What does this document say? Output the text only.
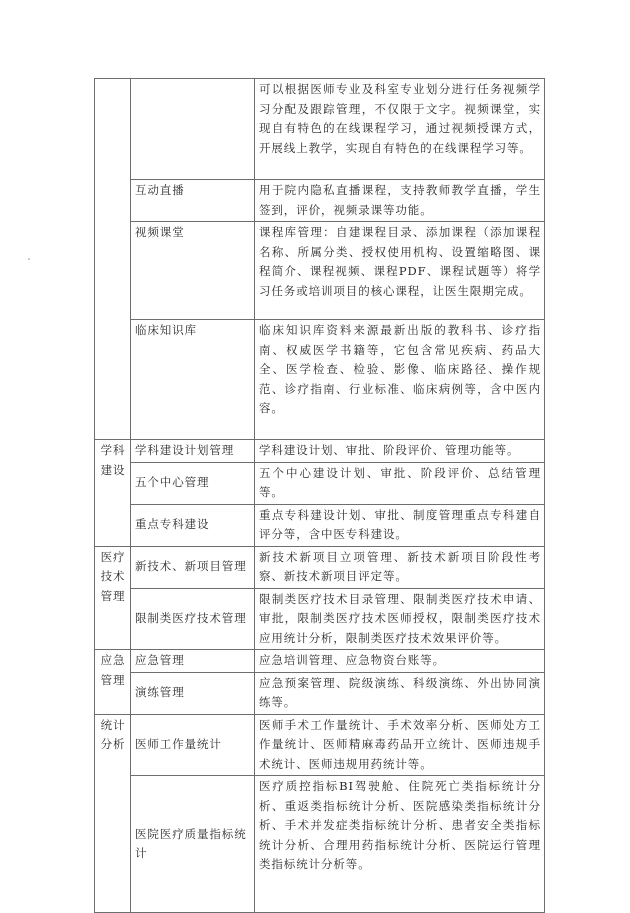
		可以根据医师专业及科室专业划分进行任务视频学习分配及跟踪管理，不仅限于文字。视频课堂，实现自有特色的在线课程学习，通过视频授课方式，开展线上教学，实现自有特色的在线课程学习等。
	互动直播	用于院内隐私直播课程，支持教师教学直播，学生签到，评价，视频录课等功能。
	视频课堂	课程库管理：自建课程目录、添加课程（添加课程名称、所属分类、授权使用机构、设置缩略图、课程简介、课程视频、课程PDF、课程试题等）将学习任务或培训项目的核心课程，让医生限期完成。
	临床知识库	临床知识库资料来源最新出版的教科书、诊疗指南、权威医学书籍等，它包含常见疾病、药品大全、医学检查、检验、影像、临床路径、操作规范、诊疗指南、行业标准、临床病例等，含中医内容。
学科建设	学科建设计划管理	学科建设计划、审批、阶段评价、管理功能等。
	五个中心管理	五个中心建设计划、审批、阶段评价、总结管理等。
	重点专科建设	重点专科建设计划、审批、制度管理重点专科建自评分等，含中医专科建设。
医疗技术管理	新技术、新项目管理	新技术新项目立项管理、新技术新项目阶段性考察、新技术新项目评定等。
	限制类医疗技术管理	限制类医疗技术目录管理、限制类医疗技术申请、审批，限制类医疗技术医师授权，限制类医疗技术应用统计分析，限制类医疗技术效果评价等。
应急管理	应急管理	应急培训管理、应急物资台账等。
	演练管理	应急预案管理、院级演练、科级演练、外出协同演练等。
统计分析	医师工作量统计	医师手术工作量统计、手术效率分析、医师处方工作量统计、医师精麻毒药品开立统计、医师违规手术统计、医师违规用药统计等。
	医院医疗质量指标统计	医疗质控指标BI驾驶舱、住院死亡类指标统计分析、重返类指标统计分析、医院感染类指标统计分析、手术并发症类指标统计分析、患者安全类指标统计分析、合理用药指标统计分析、医院运行管理类指标统计分析等。
